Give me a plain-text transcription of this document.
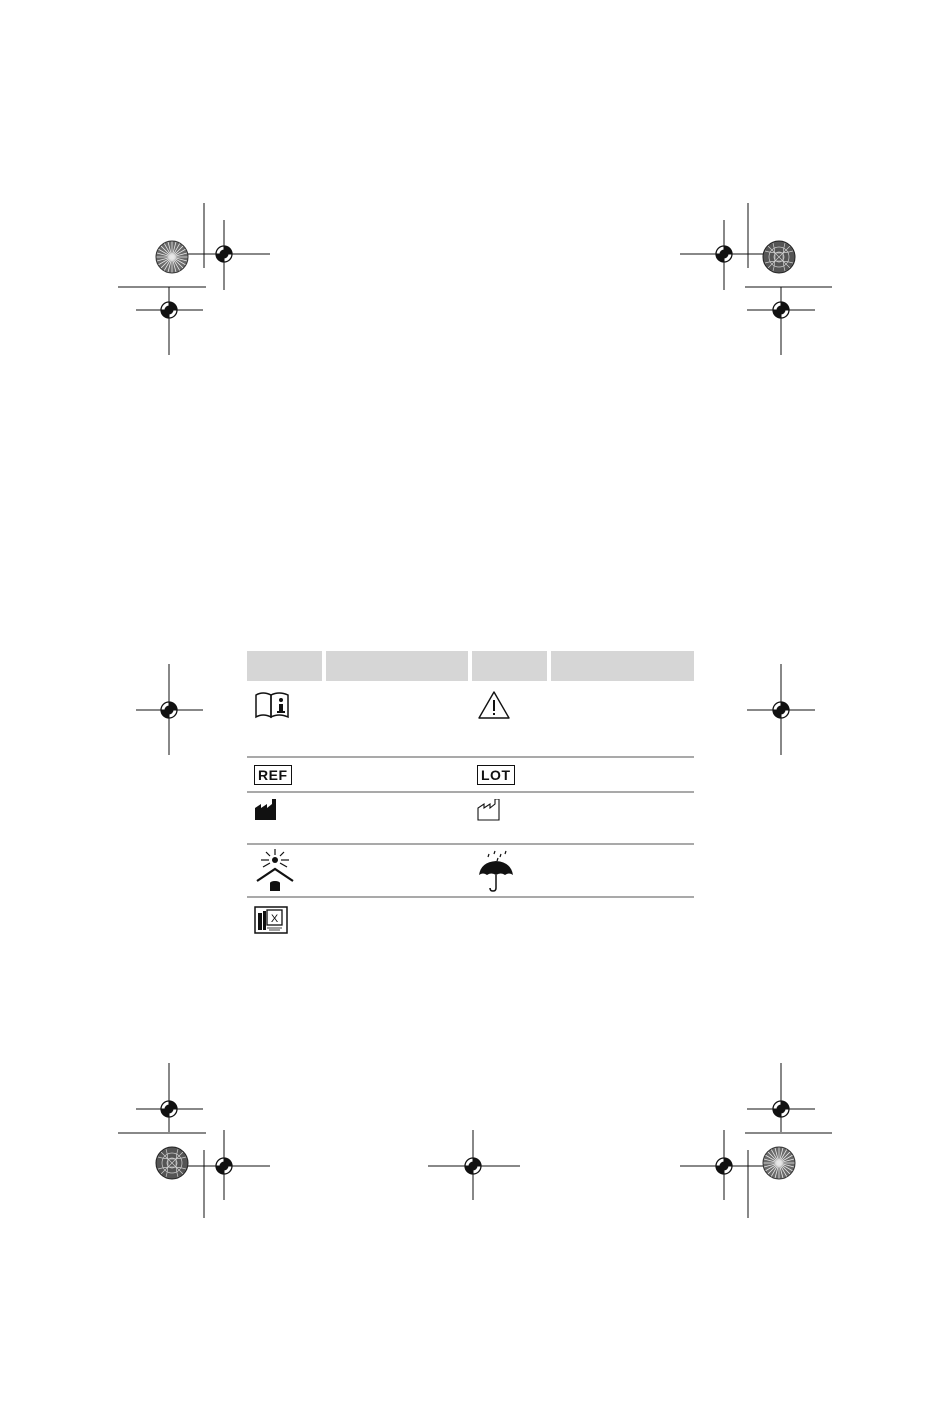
REF	LOT
X
